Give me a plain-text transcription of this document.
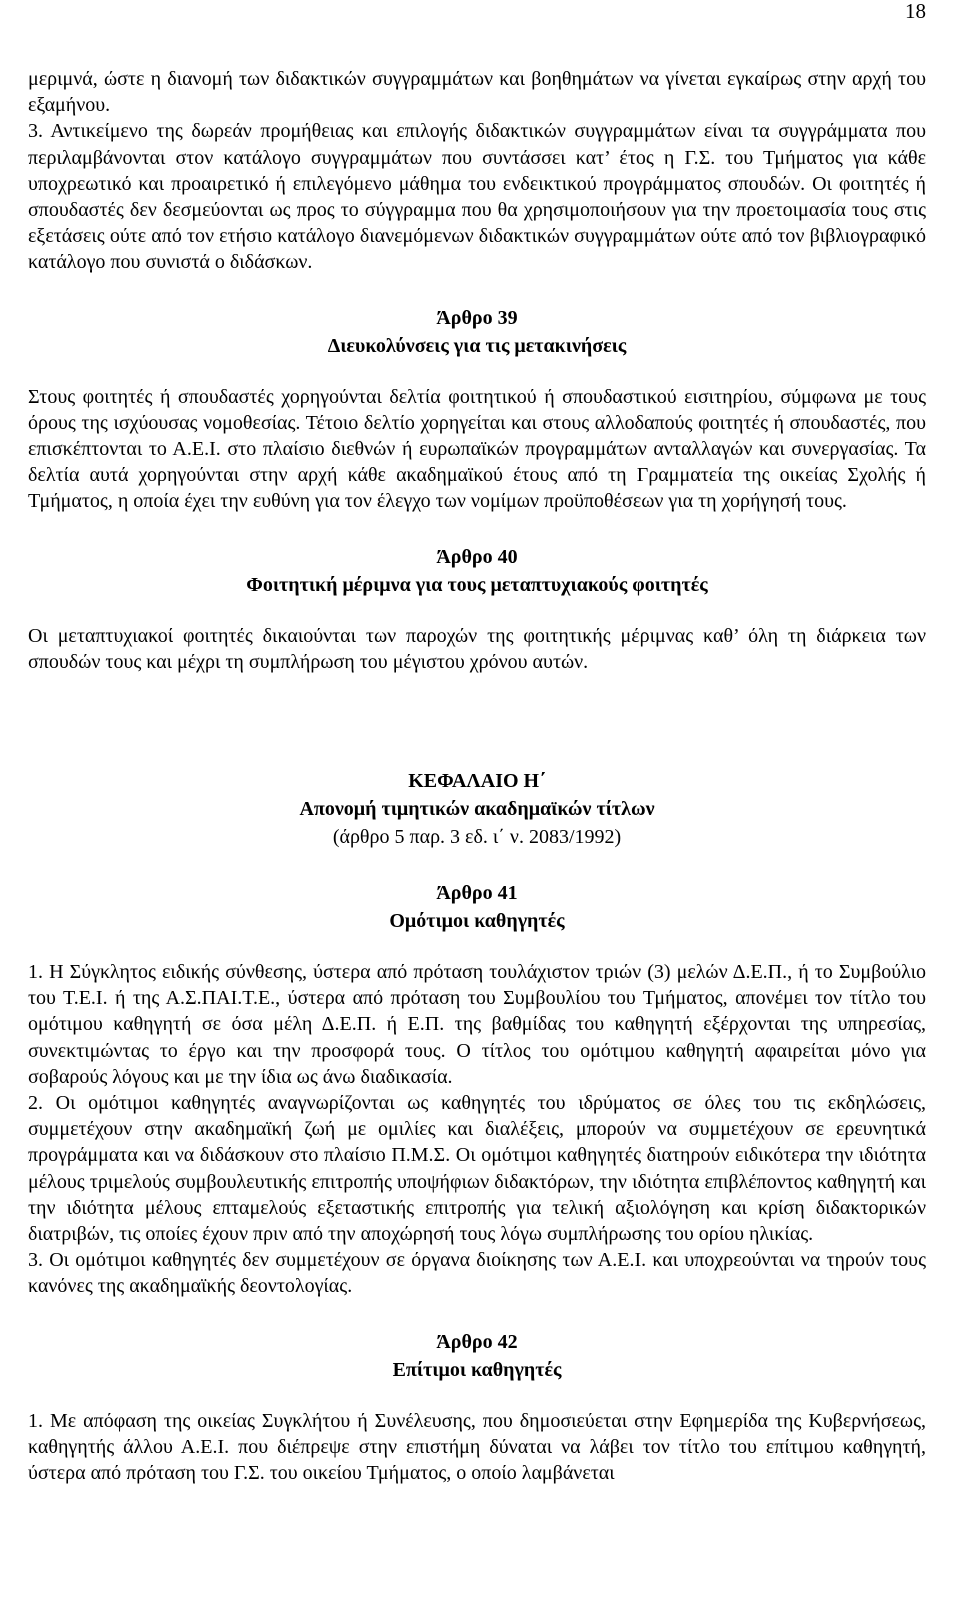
18

μεριμνά, ώστε η διανομή των διδακτικών συγγραμμάτων και βοηθημάτων να γίνεται εγκαίρως στην αρχή του εξαμήνου.

3. Αντικείμενο της δωρεάν προμήθειας και επιλογής διδακτικών συγγραμμάτων είναι τα συγγράμματα που περιλαμβάνονται στον κατάλογο συγγραμμάτων που συντάσσει κατ’ έτος η Γ.Σ. του Τμήματος για κάθε υποχρεωτικό και προαιρετικό ή επιλεγόμενο μάθημα του ενδεικτικού προγράμματος σπουδών. Οι φοιτητές ή σπουδαστές δεν δεσμεύονται ως προς το σύγγραμμα που θα χρησιμοποιήσουν για την προετοιμασία τους στις εξετάσεις ούτε από τον ετήσιο κατάλογο διανεμόμενων διδακτικών συγγραμμάτων ούτε από τον βιβλιογραφικό κατάλογο που συνιστά ο διδάσκων.

Άρθρο 39
Διευκολύνσεις για τις μετακινήσεις

Στους φοιτητές ή σπουδαστές χορηγούνται δελτία φοιτητικού ή σπουδαστικού εισιτηρίου, σύμφωνα με τους όρους της ισχύουσας νομοθεσίας. Τέτοιο δελτίο χορηγείται και στους αλλοδαπούς φοιτητές ή σπουδαστές, που επισκέπτονται το Α.Ε.Ι. στο πλαίσιο διεθνών ή ευρωπαϊκών προγραμμάτων ανταλλαγών και συνεργασίας. Τα δελτία αυτά χορηγούνται στην αρχή κάθε ακαδημαϊκού έτους από τη Γραμματεία της οικείας Σχολής ή Τμήματος, η οποία έχει την ευθύνη για τον έλεγχο των νομίμων προϋποθέσεων για τη χορήγησή τους.

Άρθρο 40
Φοιτητική μέριμνα για τους μεταπτυχιακούς φοιτητές

Οι μεταπτυχιακοί φοιτητές δικαιούνται των παροχών της φοιτητικής μέριμνας καθ’ όλη τη διάρκεια των σπουδών τους και μέχρι τη συμπλήρωση του μέγιστου χρόνου αυτών.

ΚΕΦΑΛΑΙΟ Η΄
Απονομή τιμητικών ακαδημαϊκών τίτλων
(άρθρο 5 παρ. 3 εδ. ι΄ ν. 2083/1992)
Άρθρο 41
Ομότιμοι καθηγητές

1. Η Σύγκλητος ειδικής σύνθεσης, ύστερα από πρόταση τουλάχιστον τριών (3) μελών Δ.Ε.Π., ή το Συμβούλιο του Τ.Ε.Ι. ή της Α.Σ.ΠΑΙ.Τ.Ε., ύστερα από πρόταση του Συμβουλίου του Τμήματος, απονέμει τον τίτλο του ομότιμου καθηγητή σε όσα μέλη Δ.Ε.Π. ή Ε.Π. της βαθμίδας του καθηγητή εξέρχονται της υπηρεσίας, συνεκτιμώντας το έργο και την προσφορά τους. Ο τίτλος του ομότιμου καθηγητή αφαιρείται μόνο για σοβαρούς λόγους και με την ίδια ως άνω διαδικασία.

2. Οι ομότιμοι καθηγητές αναγνωρίζονται ως καθηγητές του ιδρύματος σε όλες του τις εκδηλώσεις, συμμετέχουν στην ακαδημαϊκή ζωή με ομιλίες και διαλέξεις, μπορούν να συμμετέχουν σε ερευνητικά προγράμματα και να διδάσκουν στο πλαίσιο Π.Μ.Σ. Οι ομότιμοι καθηγητές διατηρούν ειδικότερα την ιδιότητα μέλους τριμελούς συμβουλευτικής επιτροπής υποψήφιων διδακτόρων, την ιδιότητα επιβλέποντος καθηγητή και την ιδιότητα μέλους επταμελούς εξεταστικής επιτροπής για τελική αξιολόγηση και κρίση διδακτορικών διατριβών, τις οποίες έχουν πριν από την αποχώρησή τους λόγω συμπλήρωσης του ορίου ηλικίας.

3. Οι ομότιμοι καθηγητές δεν συμμετέχουν σε όργανα διοίκησης των Α.Ε.Ι. και υποχρεούνται να τηρούν τους κανόνες της ακαδημαϊκής δεοντολογίας.

Άρθρο 42
Επίτιμοι καθηγητές

1. Με απόφαση της οικείας Συγκλήτου ή Συνέλευσης, που δημοσιεύεται στην Εφημερίδα της Κυβερνήσεως, καθηγητής άλλου Α.Ε.Ι. που διέπρεψε στην επιστήμη δύναται να λάβει τον τίτλο του επίτιμου καθηγητή, ύστερα από πρόταση του Γ.Σ. του οικείου Τμήματος, ο οποίο λαμβάνεται
